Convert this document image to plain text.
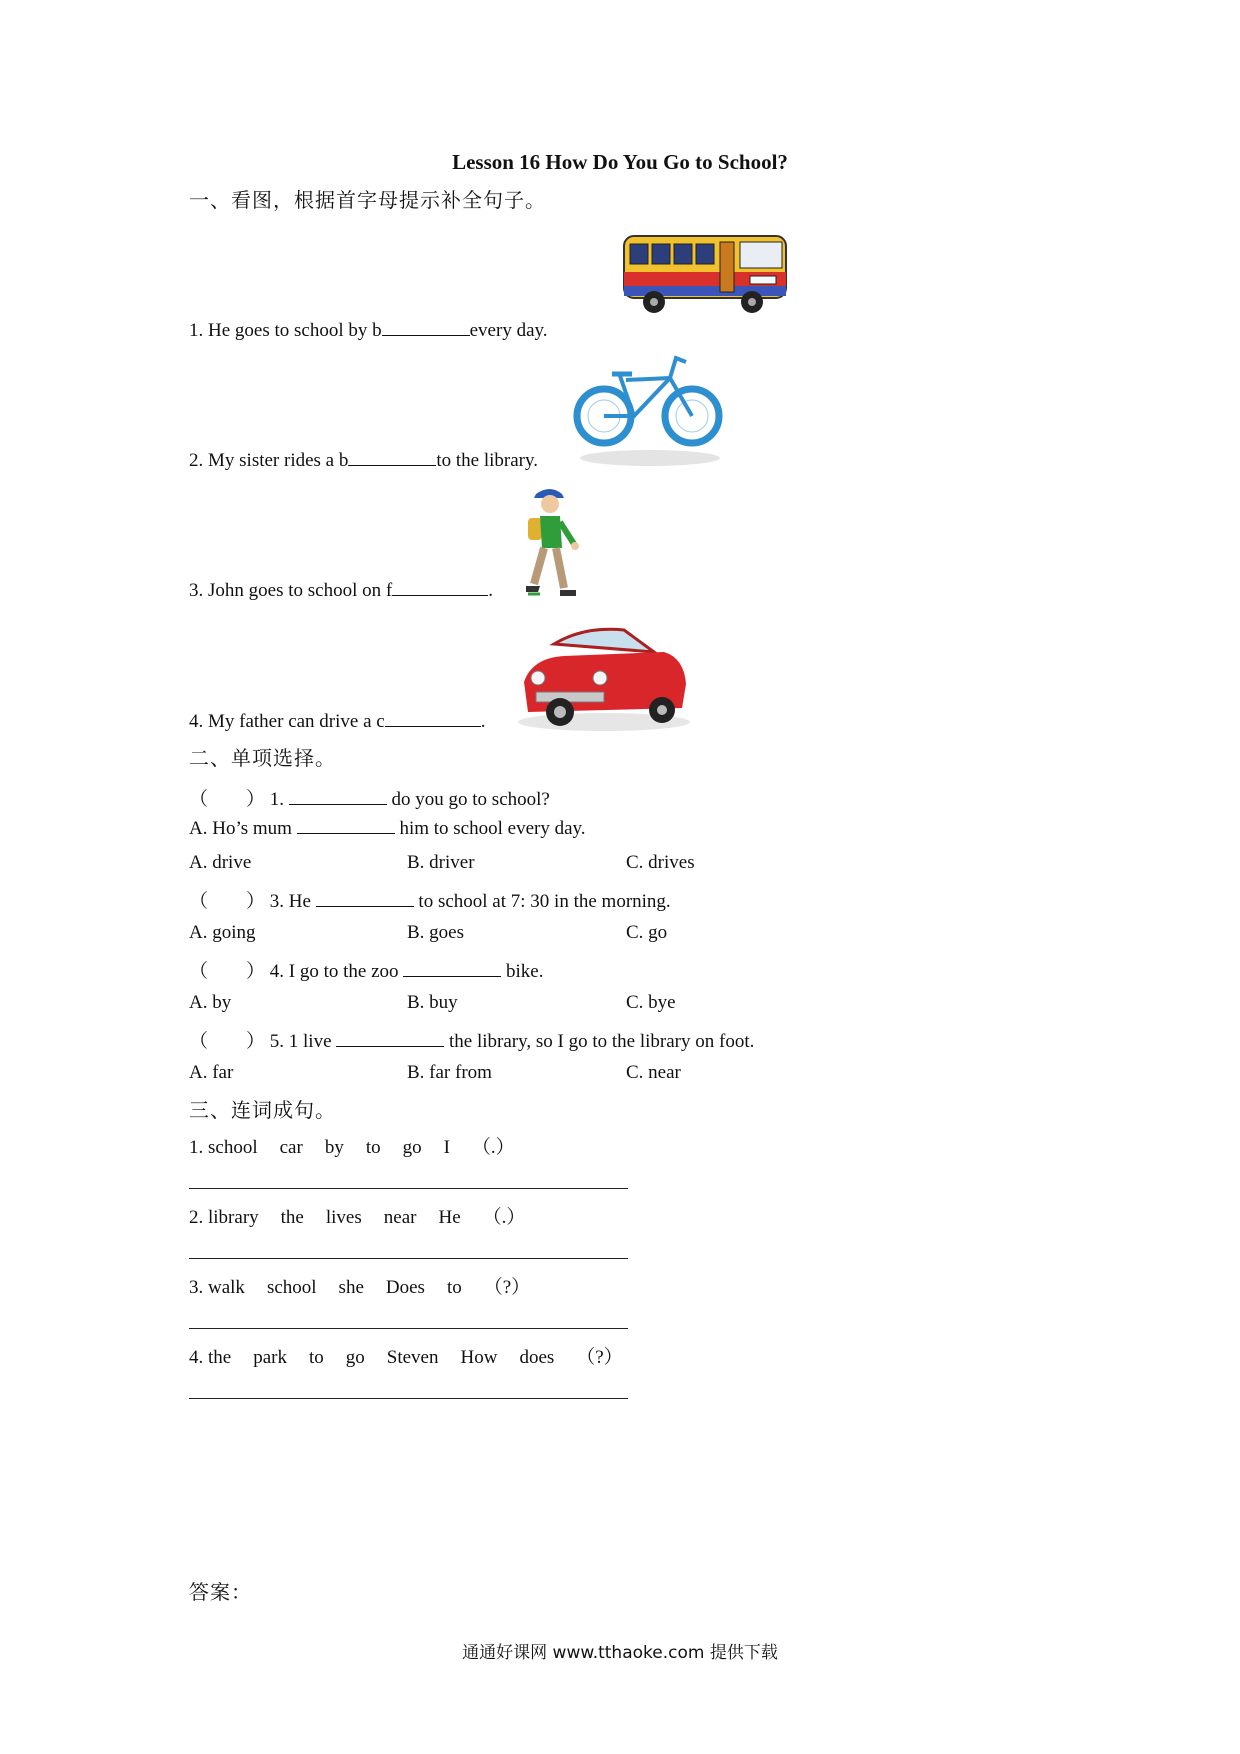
Lesson 16 How Do You Go to School?
一、看图，根据首字母提示补全句子。
1. He goes to school by b	every day.
2. My sister rides a b	to the library.
3. John goes to school on f	.
4. My father can drive a c	.
二、单项选择。
（　　） 1.	do you go to school?
A. Ho’s mum	him to school every day.
A. drive	B. driver	C. drives
（　　） 3. He	to school at 7: 30 in the morning.
A. going	B. goes	C. go
（　　） 4. I go to the zoo	bike.
A. by	B. buy	C. bye
（　　） 5. 1 live	the library, so I go to the library on foot.
A. far	B. far from	C. near
三、连词成句。
1. school car by to go I （.）
2. library the lives near He （.）
3. walk school she Does to （?）
4. the park to go Steven How does （?）
答案：
通通好课网 www.tthaoke.com 提供下载
